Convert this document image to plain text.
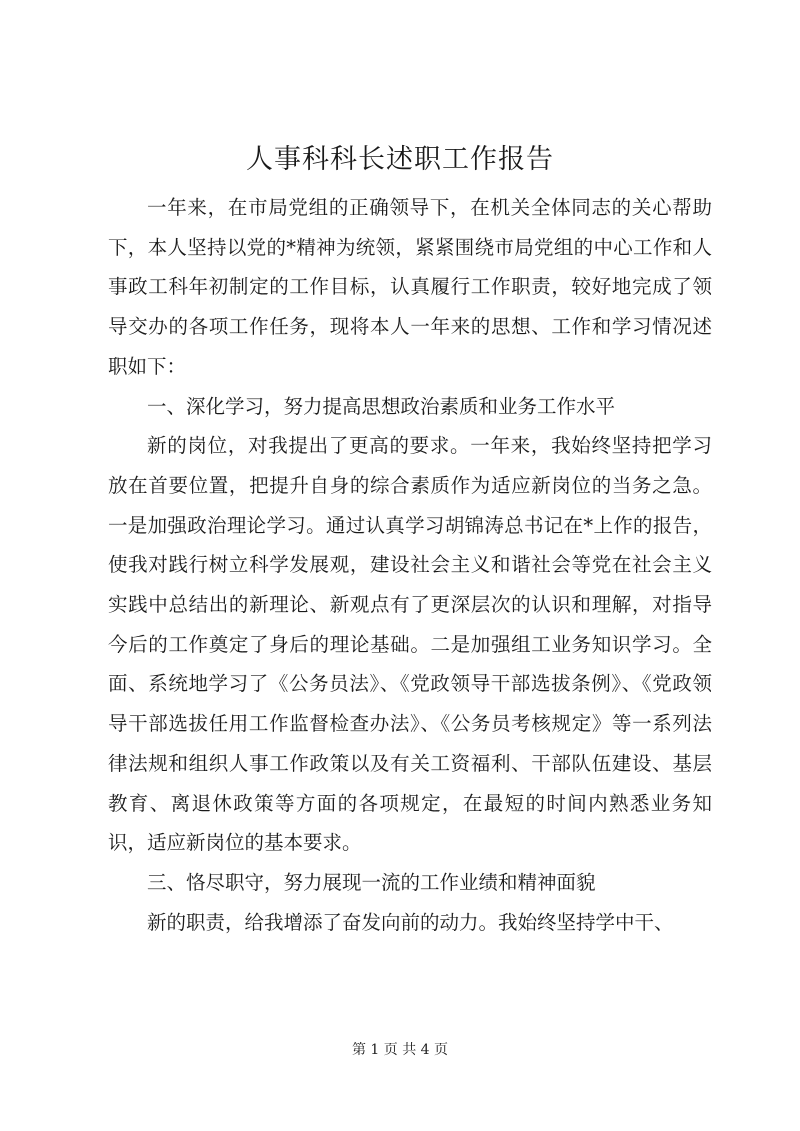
人事科科长述职工作报告

一年来，在市局党组的正确领导下，在机关全体同志的关心帮助下，本人坚持以党的*精神为统领，紧紧围绕市局党组的中心工作和人事政工科年初制定的工作目标，认真履行工作职责，较好地完成了领导交办的各项工作任务，现将本人一年来的思想、工作和学习情况述职如下：

一、深化学习，努力提高思想政治素质和业务工作水平

新的岗位，对我提出了更高的要求。一年来，我始终坚持把学习放在首要位置，把提升自身的综合素质作为适应新岗位的当务之急。一是加强政治理论学习。通过认真学习胡锦涛总书记在*上作的报告，使我对践行树立科学发展观，建设社会主义和谐社会等党在社会主义实践中总结出的新理论、新观点有了更深层次的认识和理解，对指导今后的工作奠定了身后的理论基础。二是加强组工业务知识学习。全面、系统地学习了《公务员法》、《党政领导干部选拔条例》、《党政领导干部选拔任用工作监督检查办法》、《公务员考核规定》等一系列法律法规和组织人事工作政策以及有关工资福利、干部队伍建设、基层教育、离退休政策等方面的各项规定，在最短的时间内熟悉业务知识，适应新岗位的基本要求。

三、恪尽职守，努力展现一流的工作业绩和精神面貌

新的职责，给我增添了奋发向前的动力。我始终坚持学中干、

第 1 页 共 4 页
